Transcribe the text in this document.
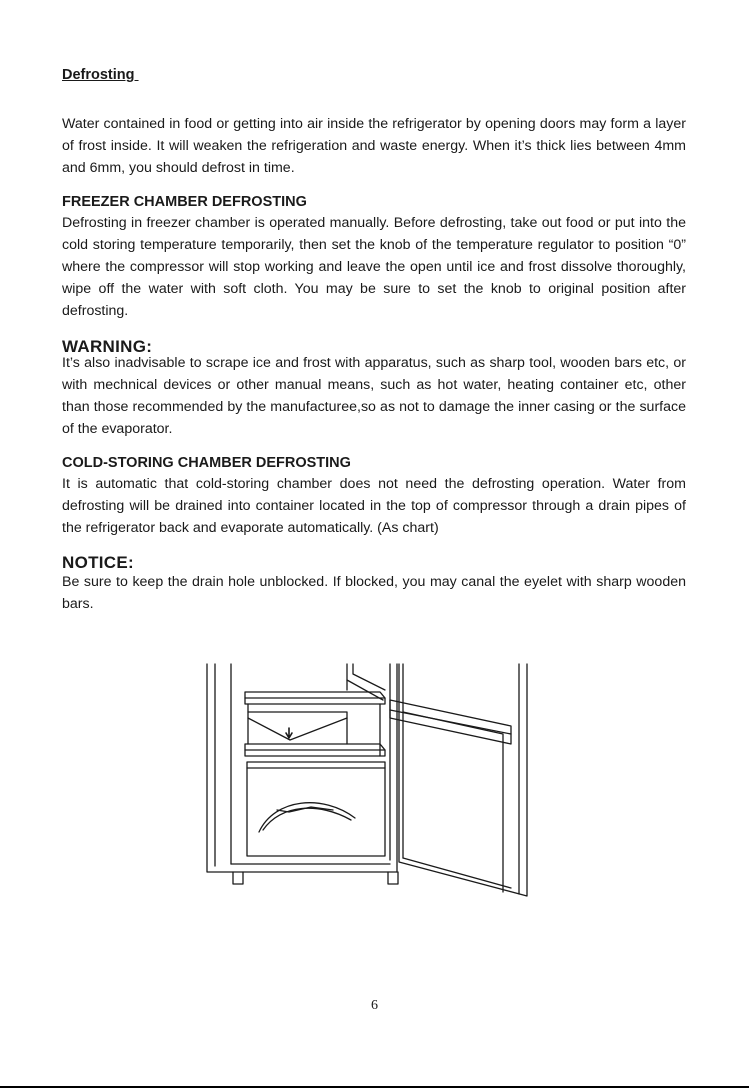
Defrosting
Water contained in food or getting into air inside the refrigerator by opening doors may form a layer of frost inside. It will weaken the refrigeration and waste energy. When it’s thick lies between 4mm and 6mm, you should defrost in time.
FREEZER CHAMBER DEFROSTING
Defrosting in freezer chamber is operated manually. Before defrosting, take out food or put into the cold storing temperature temporarily, then set the knob of the temperature regulator to position “0” where the compressor will stop working and leave the open until ice and frost dissolve thoroughly, wipe off the water with soft cloth. You may be sure to set the knob to original position after defrosting.
WARNING:
It’s also inadvisable to scrape ice and frost with apparatus, such as sharp tool, wooden bars etc, or with mechnical devices or other manual means, such as hot water, heating container etc, other than those recommended by the manufacturee,so as not to damage the inner casing or the surface of the evaporator.
COLD-STORING CHAMBER DEFROSTING
It is automatic that cold-storing chamber does not need the defrosting operation. Water from defrosting will be drained into container located in the top of compressor through a drain pipes of the refrigerator back and evaporate automatically. (As chart)
NOTICE:
Be sure to keep the drain hole unblocked. If blocked, you may canal the eyelet with sharp wooden bars.
6
